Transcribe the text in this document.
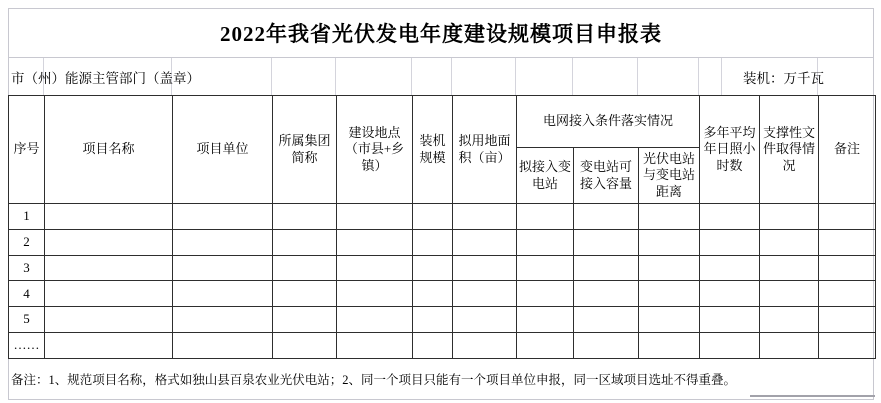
2022年我省光伏发电年度建设规模项目申报表
市（州）能源主管部门（盖章）	装机：万千瓦
序号	项目名称	项目单位	所属集团简称	建设地点（市县+乡镇）	装机规模	拟用地面积（亩）	电网接入条件落实情况			多年平均年日照小时数	支撑性文件取得情况	备注
							拟接入变电站	变电站可接入容量	光伏电站与变电站距离			
1												
2												
3												
4												
5												
……												
备注：1、规范项目名称，格式如独山县百泉农业光伏电站；2、同一个项目只能有一个项目单位申报，同一区域项目选址不得重叠。
